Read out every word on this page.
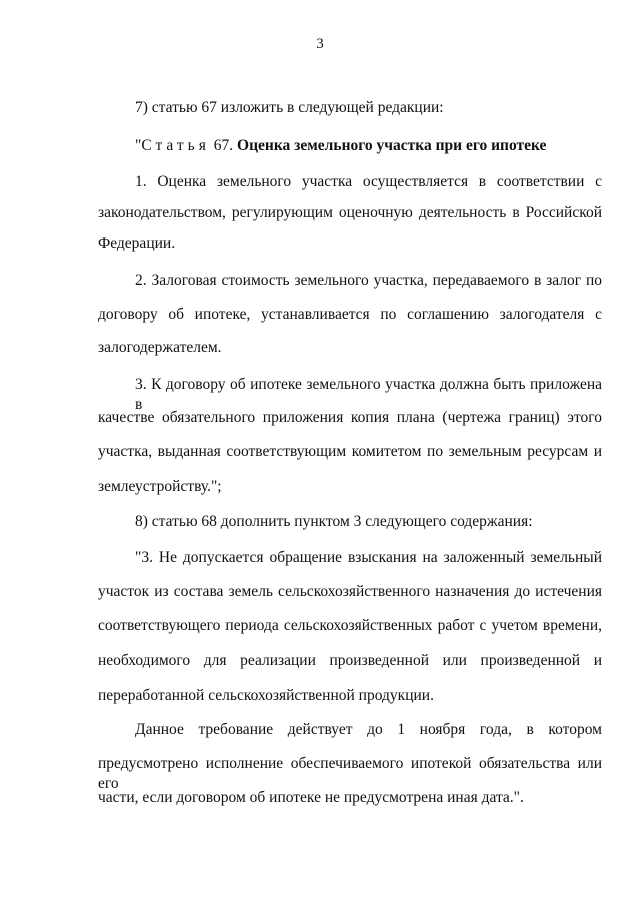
3
7) статью 67 изложить в следующей редакции:
"Статья 67. Оценка земельного участка при его ипотеке
1. Оценка земельного участка осуществляется в соответствии с
законодательством, регулирующим оценочную деятельность в Российской
Федерации.
2. Залоговая стоимость земельного участка, передаваемого в залог по
договору об ипотеке, устанавливается по соглашению залогодателя с
залогодержателем.
3. К договору об ипотеке земельного участка должна быть приложена в
качестве обязательного приложения копия плана (чертежа границ) этого
участка, выданная соответствующим комитетом по земельным ресурсам и
землеустройству.";
8) статью 68 дополнить пунктом 3 следующего содержания:
"3. Не допускается обращение взыскания на заложенный земельный
участок из состава земель сельскохозяйственного назначения до истечения
соответствующего периода сельскохозяйственных работ с учетом времени,
необходимого для реализации произведенной или произведенной и
переработанной сельскохозяйственной продукции.
Данное требование действует до 1 ноября года, в котором
предусмотрено исполнение обеспечиваемого ипотекой обязательства или его
части, если договором об ипотеке не предусмотрена иная дата.".
